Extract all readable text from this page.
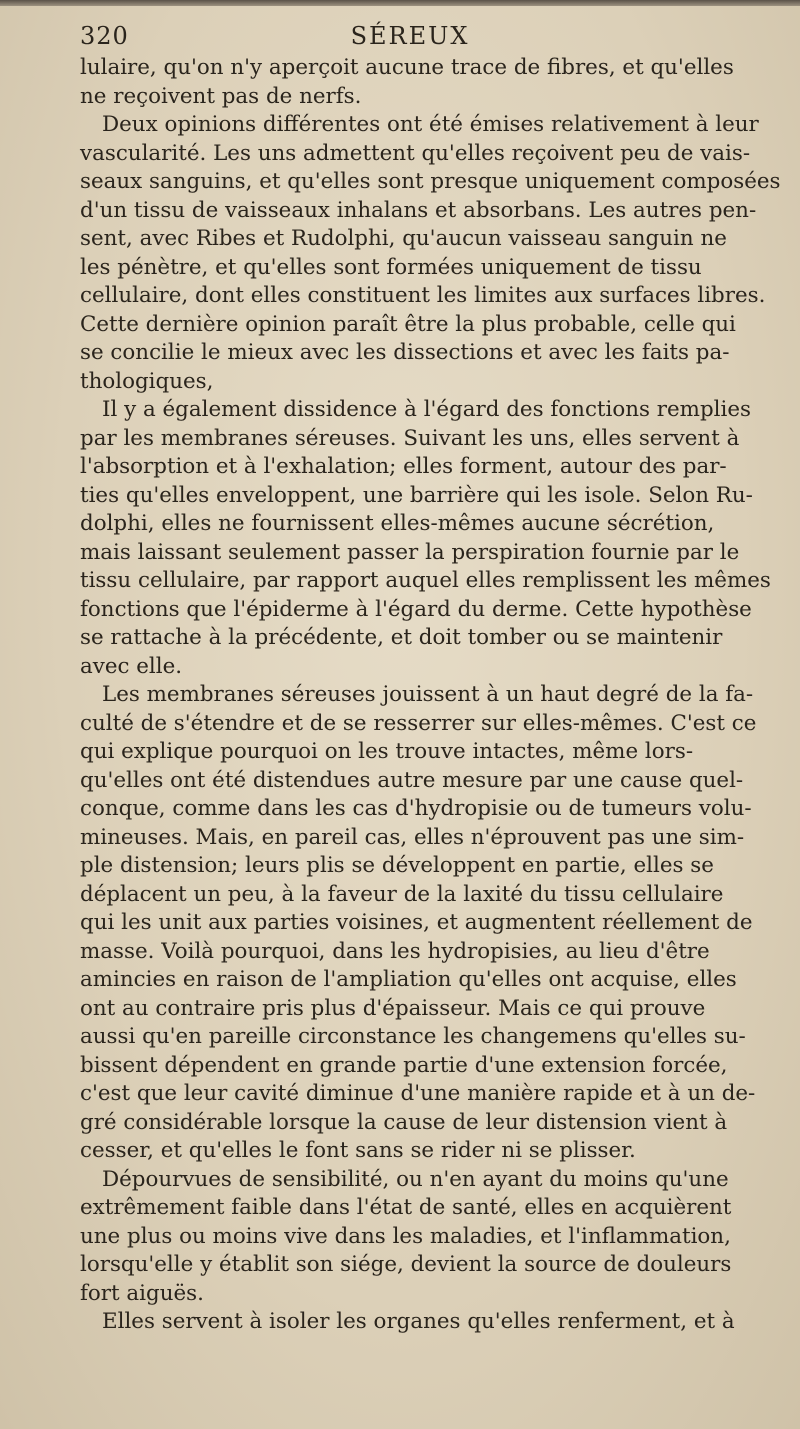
320	SÉREUX
lulaire, qu'on n'y aperçoit aucune trace de fibres, et qu'elles
ne reçoivent pas de nerfs.
Deux opinions différentes ont été émises relativement à leur
vascularité. Les uns admettent qu'elles reçoivent peu de vais-
seaux sanguins, et qu'elles sont presque uniquement composées
d'un tissu de vaisseaux inhalans et absorbans. Les autres pen-
sent, avec Ribes et Rudolphi, qu'aucun vaisseau sanguin ne
les pénètre, et qu'elles sont formées uniquement de tissu
cellulaire, dont elles constituent les limites aux surfaces libres.
Cette dernière opinion paraît être la plus probable, celle qui
se concilie le mieux avec les dissections et avec les faits pa-
thologiques,
Il y a également dissidence à l'égard des fonctions remplies
par les membranes séreuses. Suivant les uns, elles servent à
l'absorption et à l'exhalation; elles forment, autour des par-
ties qu'elles enveloppent, une barrière qui les isole. Selon Ru-
dolphi, elles ne fournissent elles-mêmes aucune sécrétion,
mais laissant seulement passer la perspiration fournie par le
tissu cellulaire, par rapport auquel elles remplissent les mêmes
fonctions que l'épiderme à l'égard du derme. Cette hypothèse
se rattache à la précédente, et doit tomber ou se maintenir
avec elle.
Les membranes séreuses jouissent à un haut degré de la fa-
culté de s'étendre et de se resserrer sur elles-mêmes. C'est ce
qui explique pourquoi on les trouve intactes, même lors-
qu'elles ont été distendues autre mesure par une cause quel-
conque, comme dans les cas d'hydropisie ou de tumeurs volu-
mineuses. Mais, en pareil cas, elles n'éprouvent pas une sim-
ple distension; leurs plis se développent en partie, elles se
déplacent un peu, à la faveur de la laxité du tissu cellulaire
qui les unit aux parties voisines, et augmentent réellement de
masse. Voilà pourquoi, dans les hydropisies, au lieu d'être
amincies en raison de l'ampliation qu'elles ont acquise, elles
ont au contraire pris plus d'épaisseur. Mais ce qui prouve
aussi qu'en pareille circonstance les changemens qu'elles su-
bissent dépendent en grande partie d'une extension forcée,
c'est que leur cavité diminue d'une manière rapide et à un de-
gré considérable lorsque la cause de leur distension vient à
cesser, et qu'elles le font sans se rider ni se plisser.
Dépourvues de sensibilité, ou n'en ayant du moins qu'une
extrêmement faible dans l'état de santé, elles en acquièrent
une plus ou moins vive dans les maladies, et l'inflammation,
lorsqu'elle y établit son siége, devient la source de douleurs
fort aiguës.
Elles servent à isoler les organes qu'elles renferment, et à
